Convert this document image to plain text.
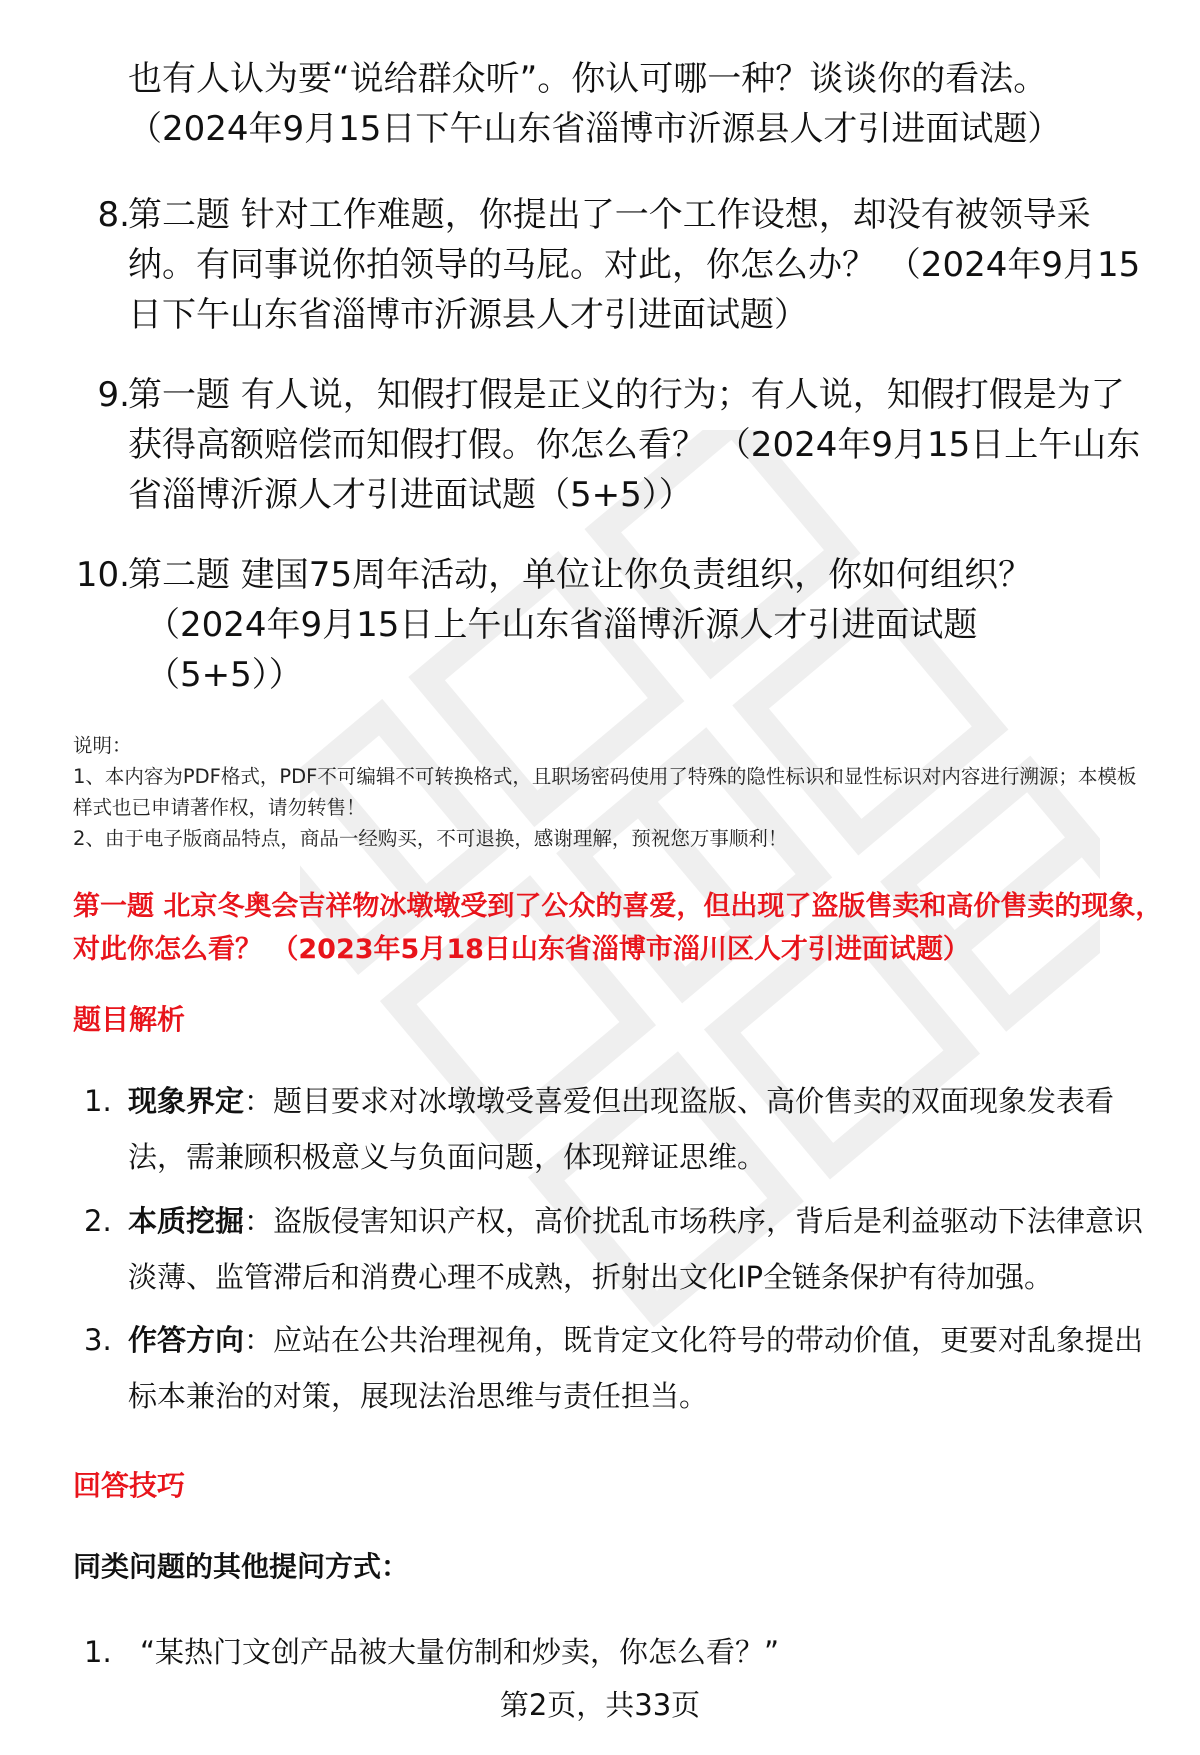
也有人认为要“说给群众听”。你认可哪一种？谈谈你的看法。
（2024年9月15日下午山东省淄博市沂源县人才引进面试题）
8.
第二题 针对工作难题，你提出了一个工作设想，却没有被领导采纳。有同事说你拍领导的马屁。对此，你怎么办？ （2024年9月15日下午山东省淄博市沂源县人才引进面试题）
9.
第一题 有人说，知假打假是正义的行为；有人说，知假打假是为了获得高额赔偿而知假打假。你怎么看？ （2024年9月15日上午山东省淄博沂源人才引进面试题（5+5））
10.
第二题 建国75周年活动，单位让你负责组织，你如何组织？
（2024年9月15日上午山东省淄博沂源人才引进面试题
（5+5））
说明：
1、本内容为PDF格式，PDF不可编辑不可转换格式，且职场密码使用了特殊的隐性标识和显性标识对内容进行溯源；本模板样式也已申请著作权，请勿转售！
2、由于电子版商品特点，商品一经购买，不可退换，感谢理解，预祝您万事顺利！
第一题 北京冬奥会吉祥物冰墩墩受到了公众的喜爱，但出现了盗版售卖和高价售卖的现象，对此你怎么看？ （2023年5月18日山东省淄博市淄川区人才引进面试题）
题目解析
1. 现象界定：题目要求对冰墩墩受喜爱但出现盗版、高价售卖的双面现象发表看法，需兼顾积极意义与负面问题，体现辩证思维。
2. 本质挖掘：盗版侵害知识产权，高价扰乱市场秩序，背后是利益驱动下法律意识淡薄、监管滞后和消费心理不成熟，折射出文化IP全链条保护有待加强。
3. 作答方向：应站在公共治理视角，既肯定文化符号的带动价值，更要对乱象提出标本兼治的对策，展现法治思维与责任担当。
回答技巧
同类问题的其他提问方式：
1. “某热门文创产品被大量仿制和炒卖，你怎么看？”
第2页，共33页
